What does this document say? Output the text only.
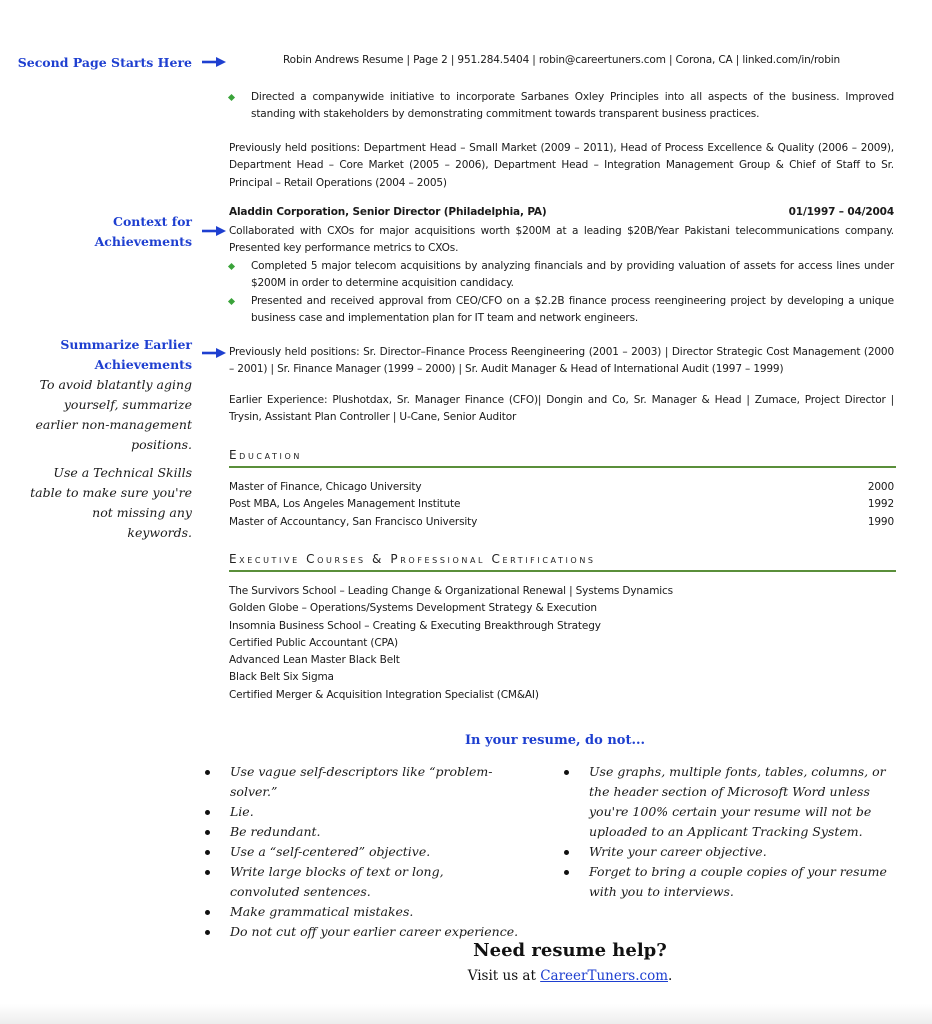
Second Page Starts Here
Context for
Achievements
Summarize Earlier
Achievements
To avoid blatantly aging yourself, summarize earlier non-management positions.
Use a Technical Skills table to make sure you're not missing any keywords.
Robin Andrews Resume | Page 2 | 951.284.5404 | robin@careertuners.com | Corona, CA | linked.com/in/robin
Directed a companywide initiative to incorporate Sarbanes Oxley Principles into all aspects of the business. Improved standing with stakeholders by demonstrating commitment towards transparent business practices.
Previously held positions: Department Head – Small Market (2009 – 2011), Head of Process Excellence & Quality (2006 – 2009), Department Head – Core Market (2005 – 2006), Department Head – Integration Management Group & Chief of Staff to Sr. Principal – Retail Operations (2004 – 2005)
Aladdin Corporation, Senior Director (Philadelphia, PA)	01/1997 – 04/2004
Collaborated with CXOs for major acquisitions worth $200M at a leading $20B/Year Pakistani telecommunications company. Presented key performance metrics to CXOs.
Completed 5 major telecom acquisitions by analyzing financials and by providing valuation of assets for access lines under $200M in order to determine acquisition candidacy.
Presented and received approval from CEO/CFO on a $2.2B finance process reengineering project by developing a unique business case and implementation plan for IT team and network engineers.
Previously held positions: Sr. Director–Finance Process Reengineering (2001 – 2003) | Director Strategic Cost Management (2000 – 2001) | Sr. Finance Manager (1999 – 2000) | Sr. Audit Manager & Head of International Audit (1997 – 1999)
Earlier Experience: Plushotdax, Sr. Manager Finance (CFO)| Dongin and Co, Sr. Manager & Head | Zumace, Project Director | Trysin, Assistant Plan Controller | U-Cane, Senior Auditor
Education
Master of Finance, Chicago University	2000
Post MBA, Los Angeles Management Institute	1992
Master of Accountancy, San Francisco University	1990
Executive Courses & Professional Certifications
The Survivors School – Leading Change & Organizational Renewal | Systems Dynamics
Golden Globe – Operations/Systems Development Strategy & Execution
Insomnia Business School – Creating & Executing Breakthrough Strategy
Certified Public Accountant (CPA)
Advanced Lean Master Black Belt
Black Belt Six Sigma
Certified Merger & Acquisition Integration Specialist (CM&AI)
In your resume, do not...
Use vague self-descriptors like “problem-solver.”
Lie.
Be redundant.
Use a “self-centered” objective.
Write large blocks of text or long, convoluted sentences.
Make grammatical mistakes.
Do not cut off your earlier career experience.
Use graphs, multiple fonts, tables, columns, or the header section of Microsoft Word unless you're 100% certain your resume will not be uploaded to an Applicant Tracking System.
Write your career objective.
Forget to bring a couple copies of your resume with you to interviews.
Need resume help?
Visit us at CareerTuners.com.
